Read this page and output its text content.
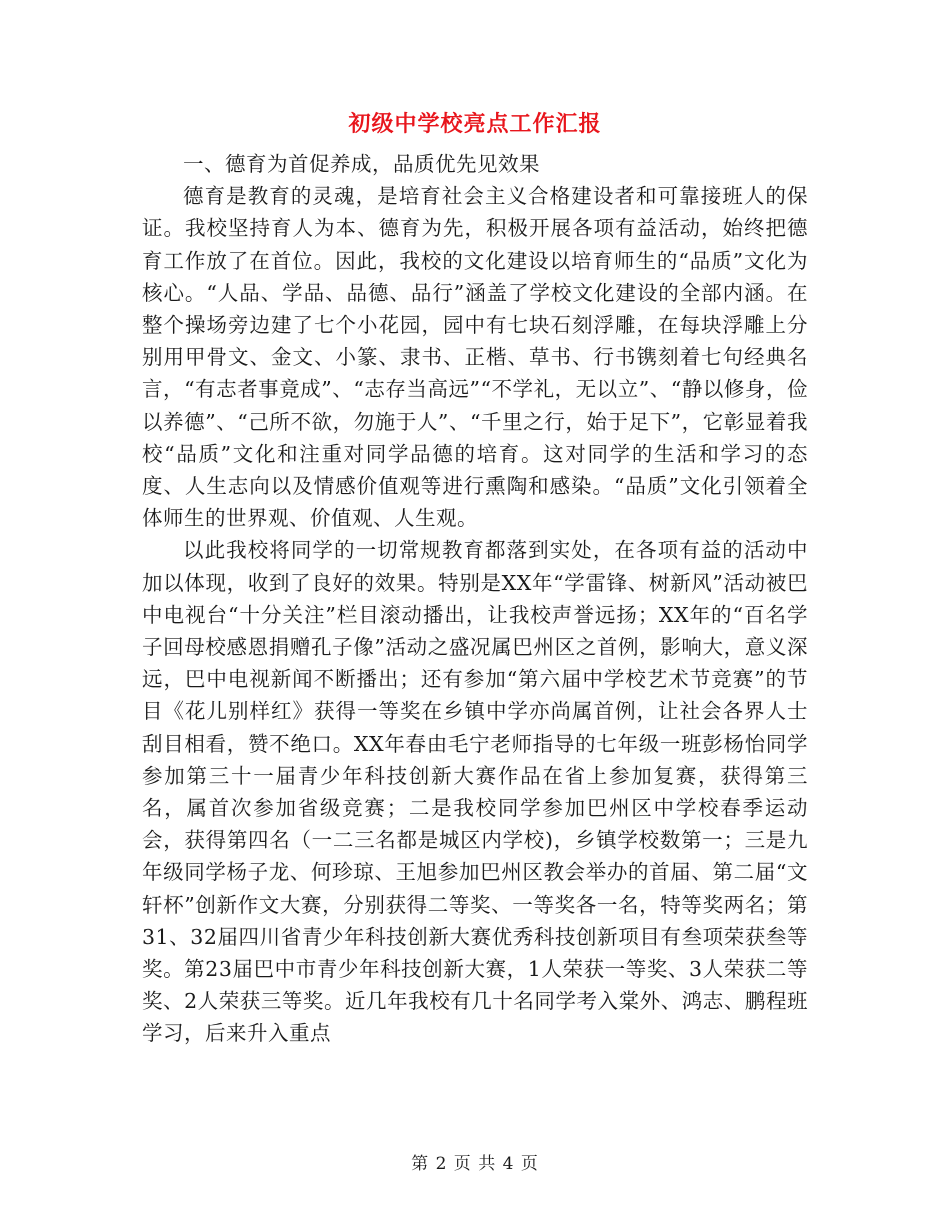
初级中学校亮点工作汇报

一、德育为首促养成，品质优先见效果

德育是教育的灵魂，是培育社会主义合格建设者和可靠接班人的保证。我校坚持育人为本、德育为先，积极开展各项有益活动，始终把德育工作放了在首位。因此，我校的文化建设以培育师生的“品质”文化为核心。“人品、学品、品德、品行”涵盖了学校文化建设的全部内涵。在整个操场旁边建了七个小花园，园中有七块石刻浮雕，在每块浮雕上分别用甲骨文、金文、小篆、隶书、正楷、草书、行书镌刻着七句经典名言，“有志者事竟成”、“志存当高远”“不学礼，无以立”、“静以修身，俭以养德”、“己所不欲，勿施于人”、“千里之行，始于足下”，它彰显着我校“品质”文化和注重对同学品德的培育。这对同学的生活和学习的态度、人生志向以及情感价值观等进行熏陶和感染。“品质”文化引领着全体师生的世界观、价值观、人生观。

以此我校将同学的一切常规教育都落到实处，在各项有益的活动中加以体现，收到了良好的效果。特别是XX年“学雷锋、树新风”活动被巴中电视台“十分关注”栏目滚动播出，让我校声誉远扬；XX年的“百名学子回母校感恩捐赠孔子像”活动之盛况属巴州区之首例，影响大，意义深远，巴中电视新闻不断播出；还有参加“第六届中学校艺术节竞赛”的节目《花儿别样红》获得一等奖在乡镇中学亦尚属首例，让社会各界人士刮目相看，赞不绝口。XX年春由毛宁老师指导的七年级一班彭杨怡同学参加第三十一届青少年科技创新大赛作品在省上参加复赛，获得第三名，属首次参加省级竞赛；二是我校同学参加巴州区中学校春季运动会，获得第四名（一二三名都是城区内学校)，乡镇学校数第一；三是九年级同学杨子龙、何珍琼、王旭参加巴州区教会举办的首届、第二届“文轩杯”创新作文大赛，分别获得二等奖、一等奖各一名，特等奖两名；第31、32届四川省青少年科技创新大赛优秀科技创新项目有叁项荣获叁等奖。第23届巴中市青少年科技创新大赛，1人荣获一等奖、3人荣获二等奖、2人荣获三等奖。近几年我校有几十名同学考入棠外、鸿志、鹏程班学习，后来升入重点

第 2 页 共 4 页
